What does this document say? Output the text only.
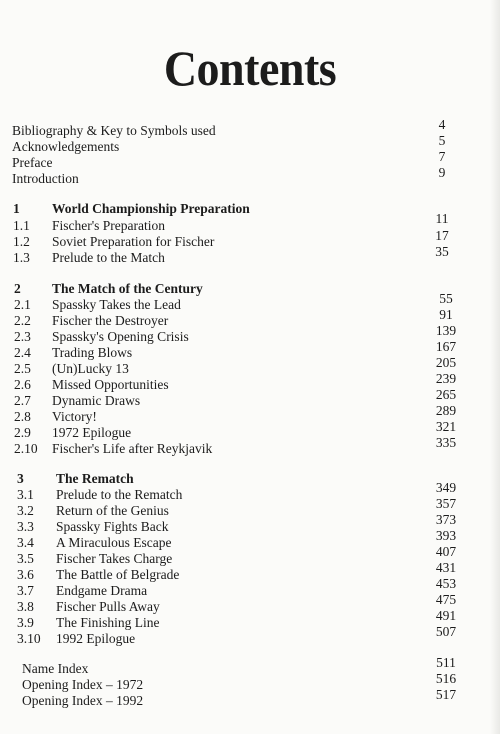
Contents
Bibliography & Key to Symbols used	4
Acknowledgements	5
Preface	7
Introduction	9
1 World Championship Preparation
1.1 Fischer's Preparation	11
1.2 Soviet Preparation for Fischer	17
1.3 Prelude to the Match	35
2 The Match of the Century
2.1 Spassky Takes the Lead	55
2.2 Fischer the Destroyer	91
2.3 Spassky's Opening Crisis	139
2.4 Trading Blows	167
2.5 (Un)Lucky 13	205
2.6 Missed Opportunities	239
2.7 Dynamic Draws	265
2.8 Victory!	289
2.9 1972 Epilogue	321
2.10 Fischer's Life after Reykjavik	335
3 The Rematch
3.1 Prelude to the Rematch	349
3.2 Return of the Genius	357
3.3 Spassky Fights Back	373
3.4 A Miraculous Escape	393
3.5 Fischer Takes Charge	407
3.6 The Battle of Belgrade	431
3.7 Endgame Drama	453
3.8 Fischer Pulls Away	475
3.9 The Finishing Line	491
3.10 1992 Epilogue	507
Name Index	511
Opening Index – 1972	516
Opening Index – 1992	517
